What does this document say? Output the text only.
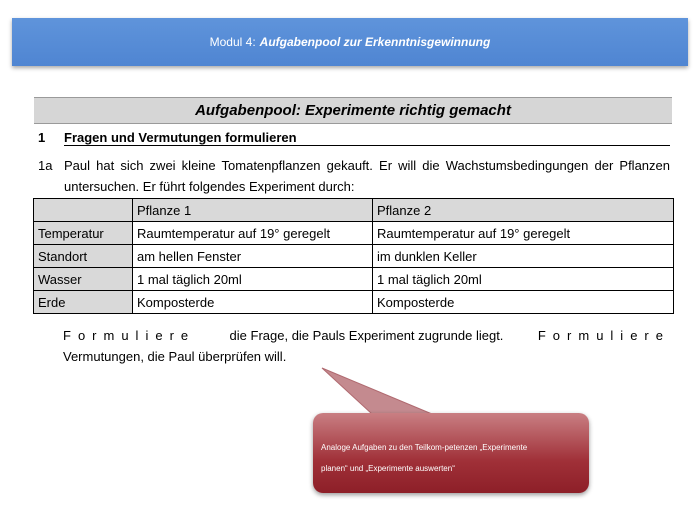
Modul 4: Aufgabenpool zur Erkenntnisgewinnung
Aufgabenpool: Experimente richtig gemacht
1	Fragen und Vermutungen formulieren
1a Paul hat sich zwei kleine Tomatenpflanzen gekauft. Er will die Wachstumsbedingungen der Pflanzen untersuchen. Er führt folgendes Experiment durch:
	Pflanze 1	Pflanze 2
Temperatur	Raumtemperatur auf 19° geregelt	Raumtemperatur auf 19° geregelt
Standort	am hellen Fenster	im dunklen Keller
Wasser	1 mal täglich 20ml	1 mal täglich 20ml
Erde	Komposterde	Komposterde
Formuliere	die Frage, die Pauls Experiment zugrunde liegt.	Formuliere
Vermutungen, die Paul überprüfen will.
Analoge Aufgaben zu den Teilkom-petenzen „Experimente
planen“ und „Experimente auswerten“
